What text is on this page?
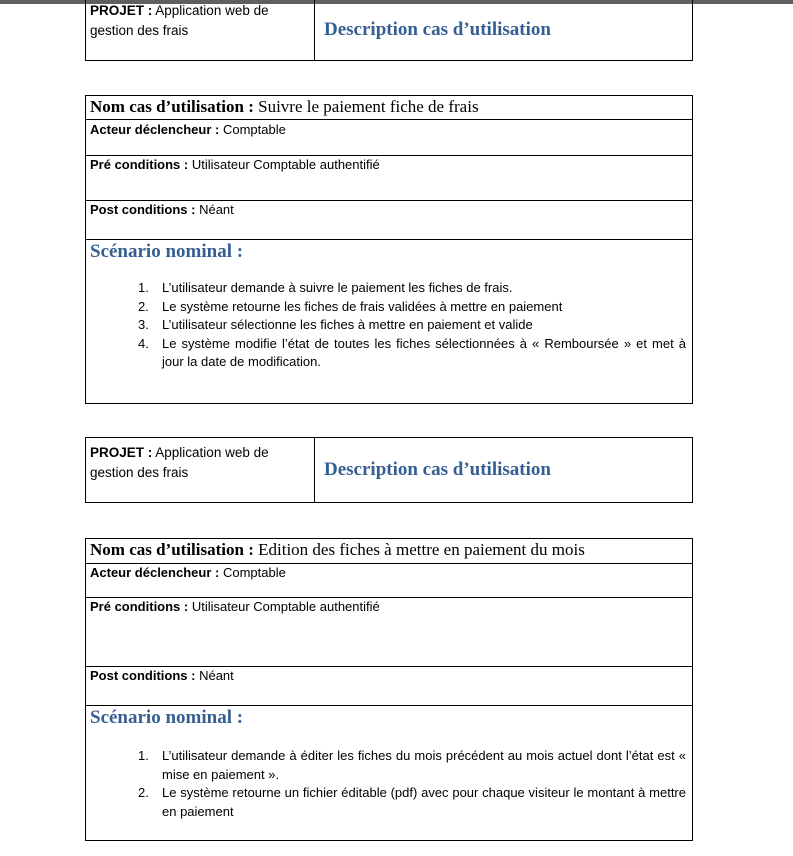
PROJET : Application web de gestion des frais	Description cas d’utilisation
Nom cas d’utilisation : Suivre le paiement fiche de frais
Acteur déclencheur : Comptable
Pré conditions : Utilisateur Comptable authentifié
Post conditions : Néant
Scénario nominal :
1. L’utilisateur demande à suivre le paiement les fiches de frais.
2. Le système retourne les fiches de frais validées à mettre en paiement
3. L’utilisateur sélectionne les fiches à mettre en paiement et valide
4. Le système modifie l’état de toutes les fiches sélectionnées à « Remboursée » et met à jour la date de modification.
PROJET : Application web de gestion des frais	Description cas d’utilisation
Nom cas d’utilisation : Edition des fiches à mettre en paiement du mois
Acteur déclencheur : Comptable
Pré conditions : Utilisateur Comptable authentifié
Post conditions : Néant
Scénario nominal :
1. L’utilisateur demande à éditer les fiches du mois précédent au mois actuel dont l’état est « mise en paiement ».
2. Le système retourne un fichier éditable (pdf) avec pour chaque visiteur le montant à mettre en paiement
